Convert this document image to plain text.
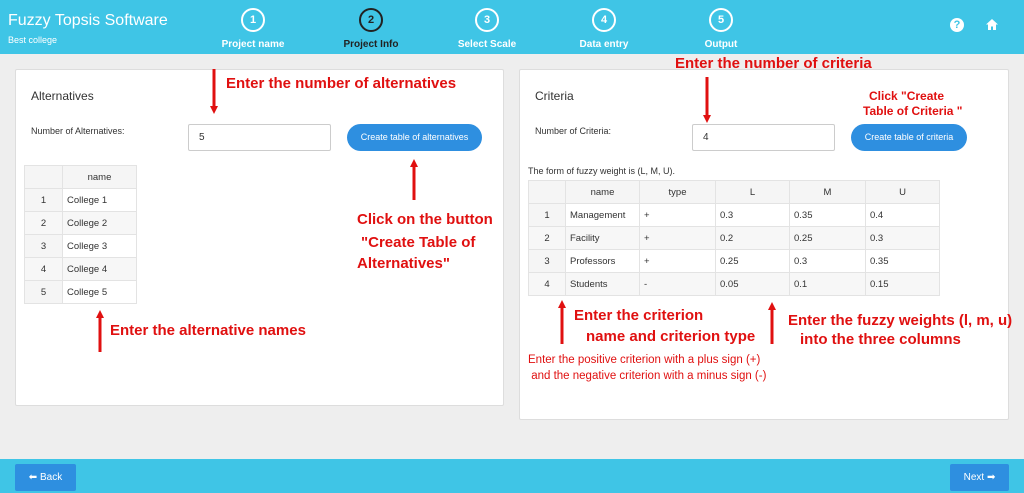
Fuzzy Topsis Software
Best college
1
Project name
2
Project Info
3
Select Scale
4
Data entry
5
Output
?
Alternatives
Number of Alternatives:
5	Create table of alternatives
	name
1	College 1
2	College 2
3	College 3
4	College 4
5	College 5
Criteria
Number of Criteria:
4	Create table of criteria
The form of fuzzy weight is (L, M, U).
	name	type	L	M	U
1	Management	+	0.3	0.35	0.4
2	Facility	+	0.2	0.25	0.3
3	Professors	+	0.25	0.3	0.35
4	Students	-	0.05	0.1	0.15
Enter the number of alternatives
Click on the button
"Create Table of
Alternatives"
Enter the alternative names
Enter the number of criteria
Click "Create
Table of Criteria "
Enter the criterion
name and criterion type
Enter the fuzzy weights (l, m, u)
into the three columns
Enter the positive criterion with a plus sign (+)
and the negative criterion with a minus sign (-)
⬅ Back	Next ➡
